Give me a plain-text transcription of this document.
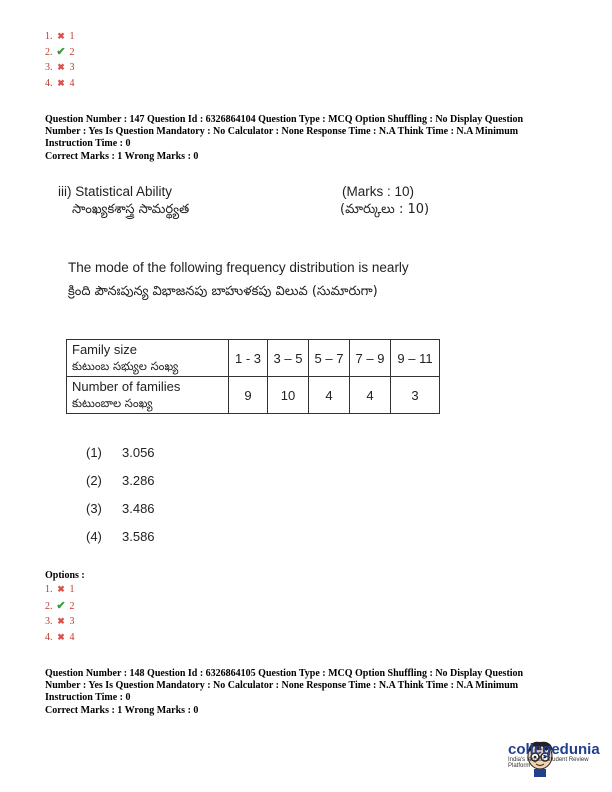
1. ✖ 1
2. ✔ 2
3. ✖ 3
4. ✖ 4
Question Number : 147 Question Id : 6326864104 Question Type : MCQ Option Shuffling : No Display Question
Number : Yes Is Question Mandatory : No Calculator : None Response Time : N.A Think Time : N.A Minimum
Instruction Time : 0
Correct Marks : 1 Wrong Marks : 0
iii) Statistical Ability
సాంఖ్యకశాస్త్ర సామర్థ్యత
(Marks : 10)
(మార్కులు : 10)
The mode of the following frequency distribution is nearly
క్రింది పౌనఃపున్య విభాజనపు బాహుళకపు విలువ (సుమారుగా)
Family size
కుటుంబ సభ్యుల సంఖ్య	1 - 3	3 – 5	5 – 7	7 – 9	9 – 11

Number of families
కుటుంబాల సంఖ్య	9	10	4	4	3
(1) 3.056
(2) 3.286
(3) 3.486
(4) 3.586
Options :
1. ✖ 1
2. ✔ 2
3. ✖ 3
4. ✖ 4
Question Number : 148 Question Id : 6326864105 Question Type : MCQ Option Shuffling : No Display Question
Number : Yes Is Question Mandatory : No Calculator : None Response Time : N.A Think Time : N.A Minimum
Instruction Time : 0
Correct Marks : 1 Wrong Marks : 0
collegedunia
India's largest Student Review Platform
